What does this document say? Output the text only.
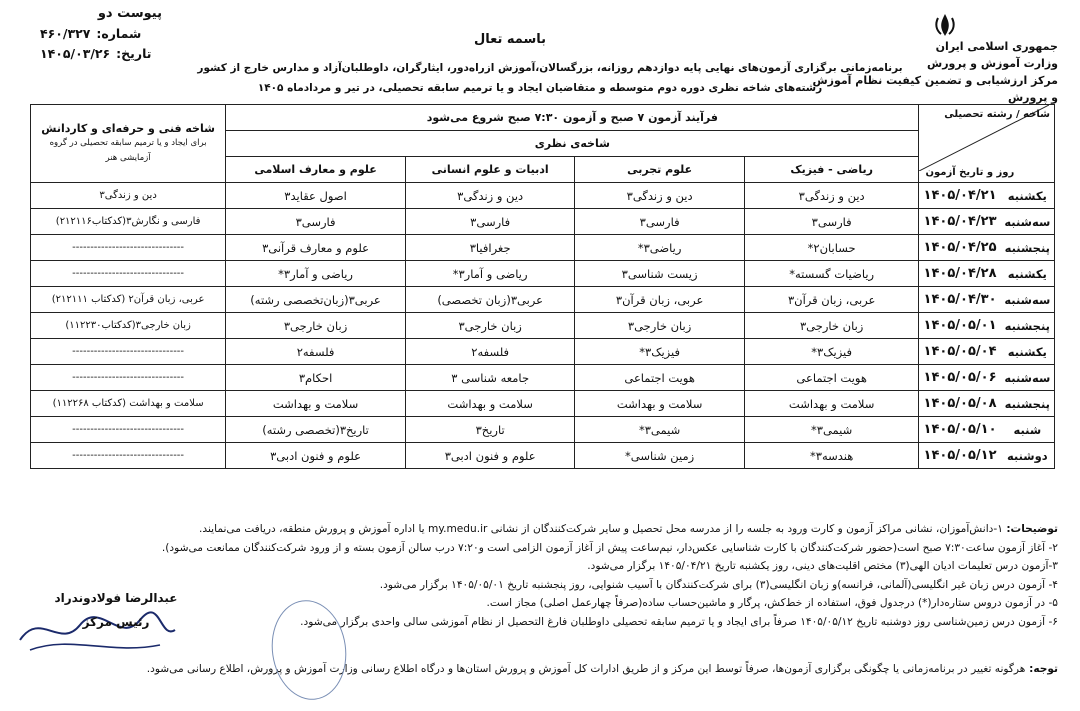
جمهوری اسلامی ایران
وزارت آموزش و پرورش
مرکز ارزشیابی و تضمین کیفیت نظام آموزش و پرورش
پیوست دو
شماره:
۴۶۰/۳۲۷
تاریخ:
۱۴۰۵/۰۳/۲۶
باسمه تعال
برنامه‌زمانی برگزاری آزمون‌های نهایی پایه دوازدهم روزانه، بزرگسالان،آموزش ازراه‌دور، ایثارگران، داوطلبان‌آزاد و مدارس خارج از کشور
رشته‌های شاخه نظری دوره دوم متوسطه و متقاضیان ایجاد و یا ترمیم سابقه تحصیلی، در تیر و مردادماه ۱۴۰۵
شاخه / رشته تحصیلی
روز و تاریخ آزمون		فرآیند آزمون ۷ صبح و آزمون ۷:۳۰ صبح شروع می‌شود				شاخه فنی و حرفه‌ای و کاردانش
برای ایجاد و یا ترمیم سابقه تحصیلی در گروه آزمایشی هنر

		شاخه‌ی نظری				
		ریاضی - فیزیک	علوم تجربی	ادبیات و علوم انسانی	علوم و معارف اسلامی	
یکشنبه	۱۴۰۵/۰۴/۲۱	دین و زندگی۳	دین و زندگی۳	دین و زندگی۳	اصول عقاید۳	دین و زندگی۳
سه‌شنبه	۱۴۰۵/۰۴/۲۳	فارسی۳	فارسی۳	فارسی۳	فارسی۳	فارسی و نگارش۳(کدکتاب۲۱۲۱۱۶)
پنجشنبه	۱۴۰۵/۰۴/۲۵	حسابان۲*	ریاضی۳*	جغرافیا۳	علوم و معارف قرآنی۳	-------------------------------
یکشنبه	۱۴۰۵/۰۴/۲۸	ریاضیات گسسته*	زیست شناسی۳	ریاضی و آمار۳*	ریاضی و آمار۳*	-------------------------------
سه‌شنبه	۱۴۰۵/۰۴/۳۰	عربی، زبان قرآن۳	عربی، زبان قرآن۳	عربی۳(زبان تخصصی)	عربی۳(زبان‌تخصصی رشته)	عربی، زبان قرآن۲ (کدکتاب ۲۱۲۱۱۱)
پنجشنبه	۱۴۰۵/۰۵/۰۱	زبان خارجی۳	زبان خارجی۳	زبان خارجی۳	زبان خارجی۳	زبان خارجی۳(کدکتاب۱۱۲۲۳۰)
یکشنبه	۱۴۰۵/۰۵/۰۴	فیزیک۳*	فیزیک۳*	فلسفه۲	فلسفه۲	-------------------------------
سه‌شنبه	۱۴۰۵/۰۵/۰۶	هویت اجتماعی	هویت اجتماعی	جامعه شناسی ۳	احکام۳	-------------------------------
پنجشنبه	۱۴۰۵/۰۵/۰۸	سلامت و بهداشت	سلامت و بهداشت	سلامت و بهداشت	سلامت و بهداشت	سلامت و بهداشت (کدکتاب ۱۱۲۲۶۸)
شنبه	۱۴۰۵/۰۵/۱۰	شیمی۳*	شیمی۳*	تاریخ۳	تاریخ۳(تخصصی رشته)	-------------------------------
دوشنبه	۱۴۰۵/۰۵/۱۲	هندسه۳*	زمین شناسی*	علوم و فنون ادبی۳	علوم و فنون ادبی۳	-------------------------------
توضیحات: ۱-دانش‌آموزان، نشانی مراکز آزمون و کارت ورود به جلسه را از مدرسه محل تحصیل و سایر شرکت‌کنندگان از نشانی my.medu.ir یا اداره آموزش و پرورش منطقه، دریافت می‌نمایند.
۲- آغاز آزمون ساعت۷:۳۰ صبح است(حضور شرکت‌کنندگان با کارت شناسایی عکس‌دار، نیم‌ساعت پیش از آغاز آزمون الزامی است و۷:۲۰ درب سالن آزمون بسته و از ورود شرکت‌کنندگان ممانعت می‌شود).
۳-آزمون درس تعلیمات ادیان الهی(۳) مختص اقلیت‌های دینی، روز یکشنبه تاریخ ۱۴۰۵/۰۴/۲۱ برگزار می‌شود.
۴- آزمون درس زبان غیر انگلیسی(آلمانی، فرانسه)و زبان انگلیسی(۳) برای شرکت‌کنندگان با آسیب شنوایی، روز پنجشنبه تاریخ ۱۴۰۵/۰۵/۰۱ برگزار می‌شود.
۵- در آزمون دروس ستاره‌دار(*) درجدول فوق، استفاده از خط‌کش، پرگار و ماشین‌حساب ساده(صرفاً چهارعمل اصلی) مجاز است.
۶- آزمون درس زمین‌شناسی روز دوشنبه تاریخ ۱۴۰۵/۰۵/۱۲ صرفاً برای ایجاد و یا ترمیم سابقه تحصیلی داوطلبان فارغ التحصیل از نظام آموزشی سالی واحدی برگزار می‌شود.
توجه: هرگونه تغییر در برنامه‌زمانی یا چگونگی برگزاری آزمون‌ها، صرفاً توسط این مرکز و از طریق ادارات کل آموزش و پرورش استان‌ها و درگاه اطلاع رسانی وزارت آموزش و پرورش، اطلاع رسانی می‌شود.
عبدالرضا فولادوندراد
رئیس مرکز
